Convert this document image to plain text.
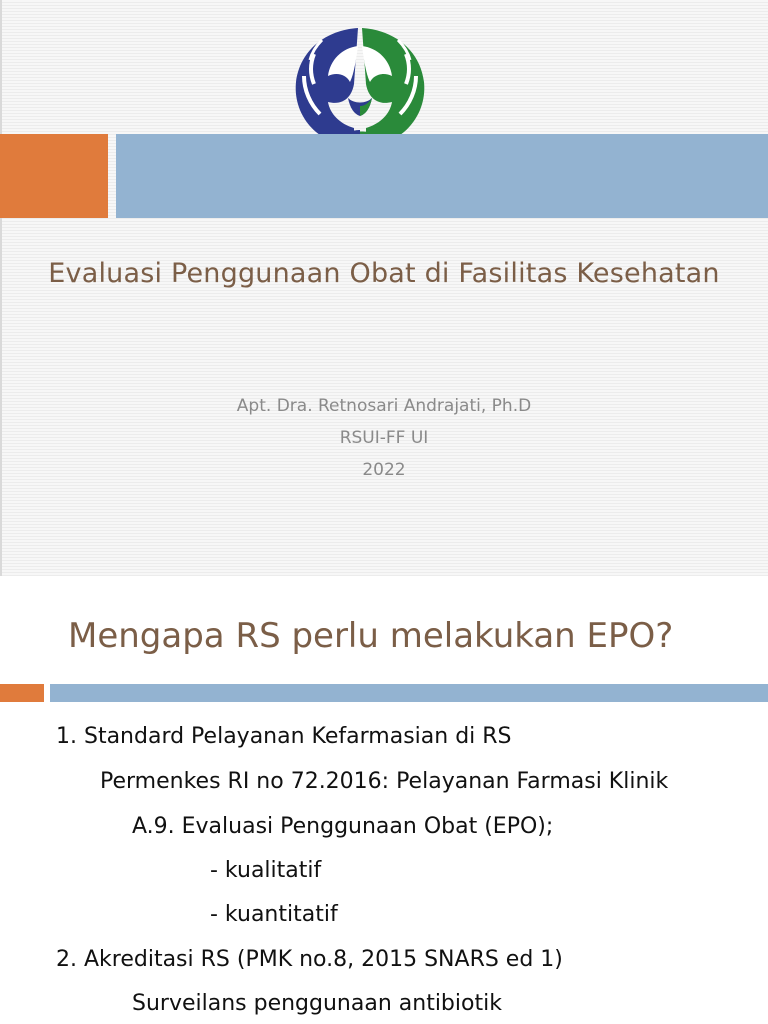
Evaluasi Penggunaan Obat di Fasilitas Kesehatan
Apt. Dra. Retnosari Andrajati, Ph.D
RSUI-FF UI
2022
Mengapa RS perlu melakukan EPO?
1. Standard Pelayanan Kefarmasian di RS
Permenkes RI no 72.2016: Pelayanan Farmasi Klinik
A.9. Evaluasi Penggunaan Obat (EPO);
- kualitatif
- kuantitatif
2. Akreditasi RS (PMK no.8, 2015 SNARS ed 1)
Surveilans penggunaan antibiotik
